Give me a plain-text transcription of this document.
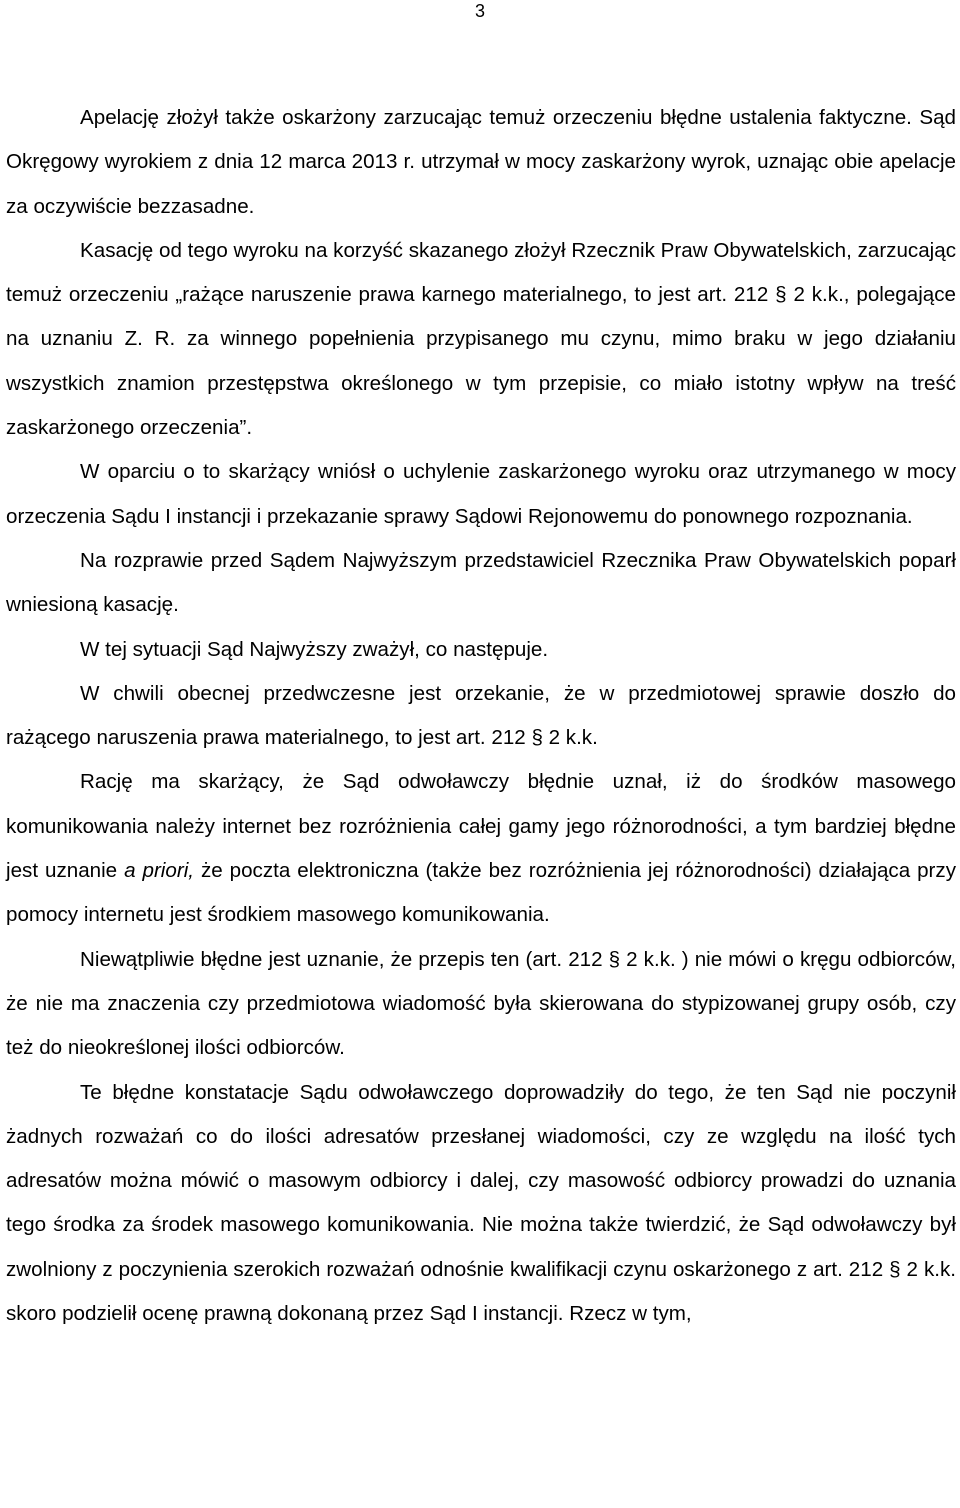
3

Apelację złożył także oskarżony zarzucając temuż orzeczeniu błędne ustalenia faktyczne. Sąd Okręgowy wyrokiem z dnia 12 marca 2013 r. utrzymał w mocy zaskarżony wyrok, uznając obie apelacje za oczywiście bezzasadne.

Kasację od tego wyroku na korzyść skazanego złożył Rzecznik Praw Obywatelskich, zarzucając temuż orzeczeniu „rażące naruszenie prawa karnego materialnego, to jest art. 212 § 2 k.k., polegające na uznaniu Z. R. za winnego popełnienia przypisanego mu czynu, mimo braku w jego działaniu wszystkich znamion przestępstwa określonego w tym przepisie, co miało istotny wpływ na treść zaskarżonego orzeczenia”.

W oparciu o to skarżący wniósł o uchylenie zaskarżonego wyroku oraz utrzymanego w mocy orzeczenia Sądu I instancji i przekazanie sprawy Sądowi Rejonowemu do ponownego rozpoznania.

Na rozprawie przed Sądem Najwyższym przedstawiciel Rzecznika Praw Obywatelskich poparł wniesioną kasację.

W tej sytuacji Sąd Najwyższy zważył, co następuje.

W chwili obecnej przedwczesne jest orzekanie, że w przedmiotowej sprawie doszło do rażącego naruszenia prawa materialnego, to jest art. 212 § 2 k.k.

Rację ma skarżący, że Sąd odwoławczy błędnie uznał, iż do środków masowego komunikowania należy internet bez rozróżnienia całej gamy jego różnorodności, a tym bardziej błędne jest uznanie a priori, że poczta elektroniczna (także bez rozróżnienia jej różnorodności) działająca przy pomocy internetu jest środkiem masowego komunikowania.

Niewątpliwie błędne jest uznanie, że przepis ten (art. 212 § 2 k.k. ) nie mówi o kręgu odbiorców, że nie ma znaczenia czy przedmiotowa wiadomość była skierowana do stypizowanej grupy osób, czy też do nieokreślonej ilości odbiorców.

Te błędne konstatacje Sądu odwoławczego doprowadziły do tego, że ten Sąd nie poczynił żadnych rozważań co do ilości adresatów przesłanej wiadomości, czy ze względu na ilość tych adresatów można mówić o masowym odbiorcy i dalej, czy masowość odbiorcy prowadzi do uznania tego środka za środek masowego komunikowania. Nie można także twierdzić, że Sąd odwoławczy był zwolniony z poczynienia szerokich rozważań odnośnie kwalifikacji czynu oskarżonego z art. 212 § 2 k.k. skoro podzielił ocenę prawną dokonaną przez Sąd I instancji. Rzecz w tym,
